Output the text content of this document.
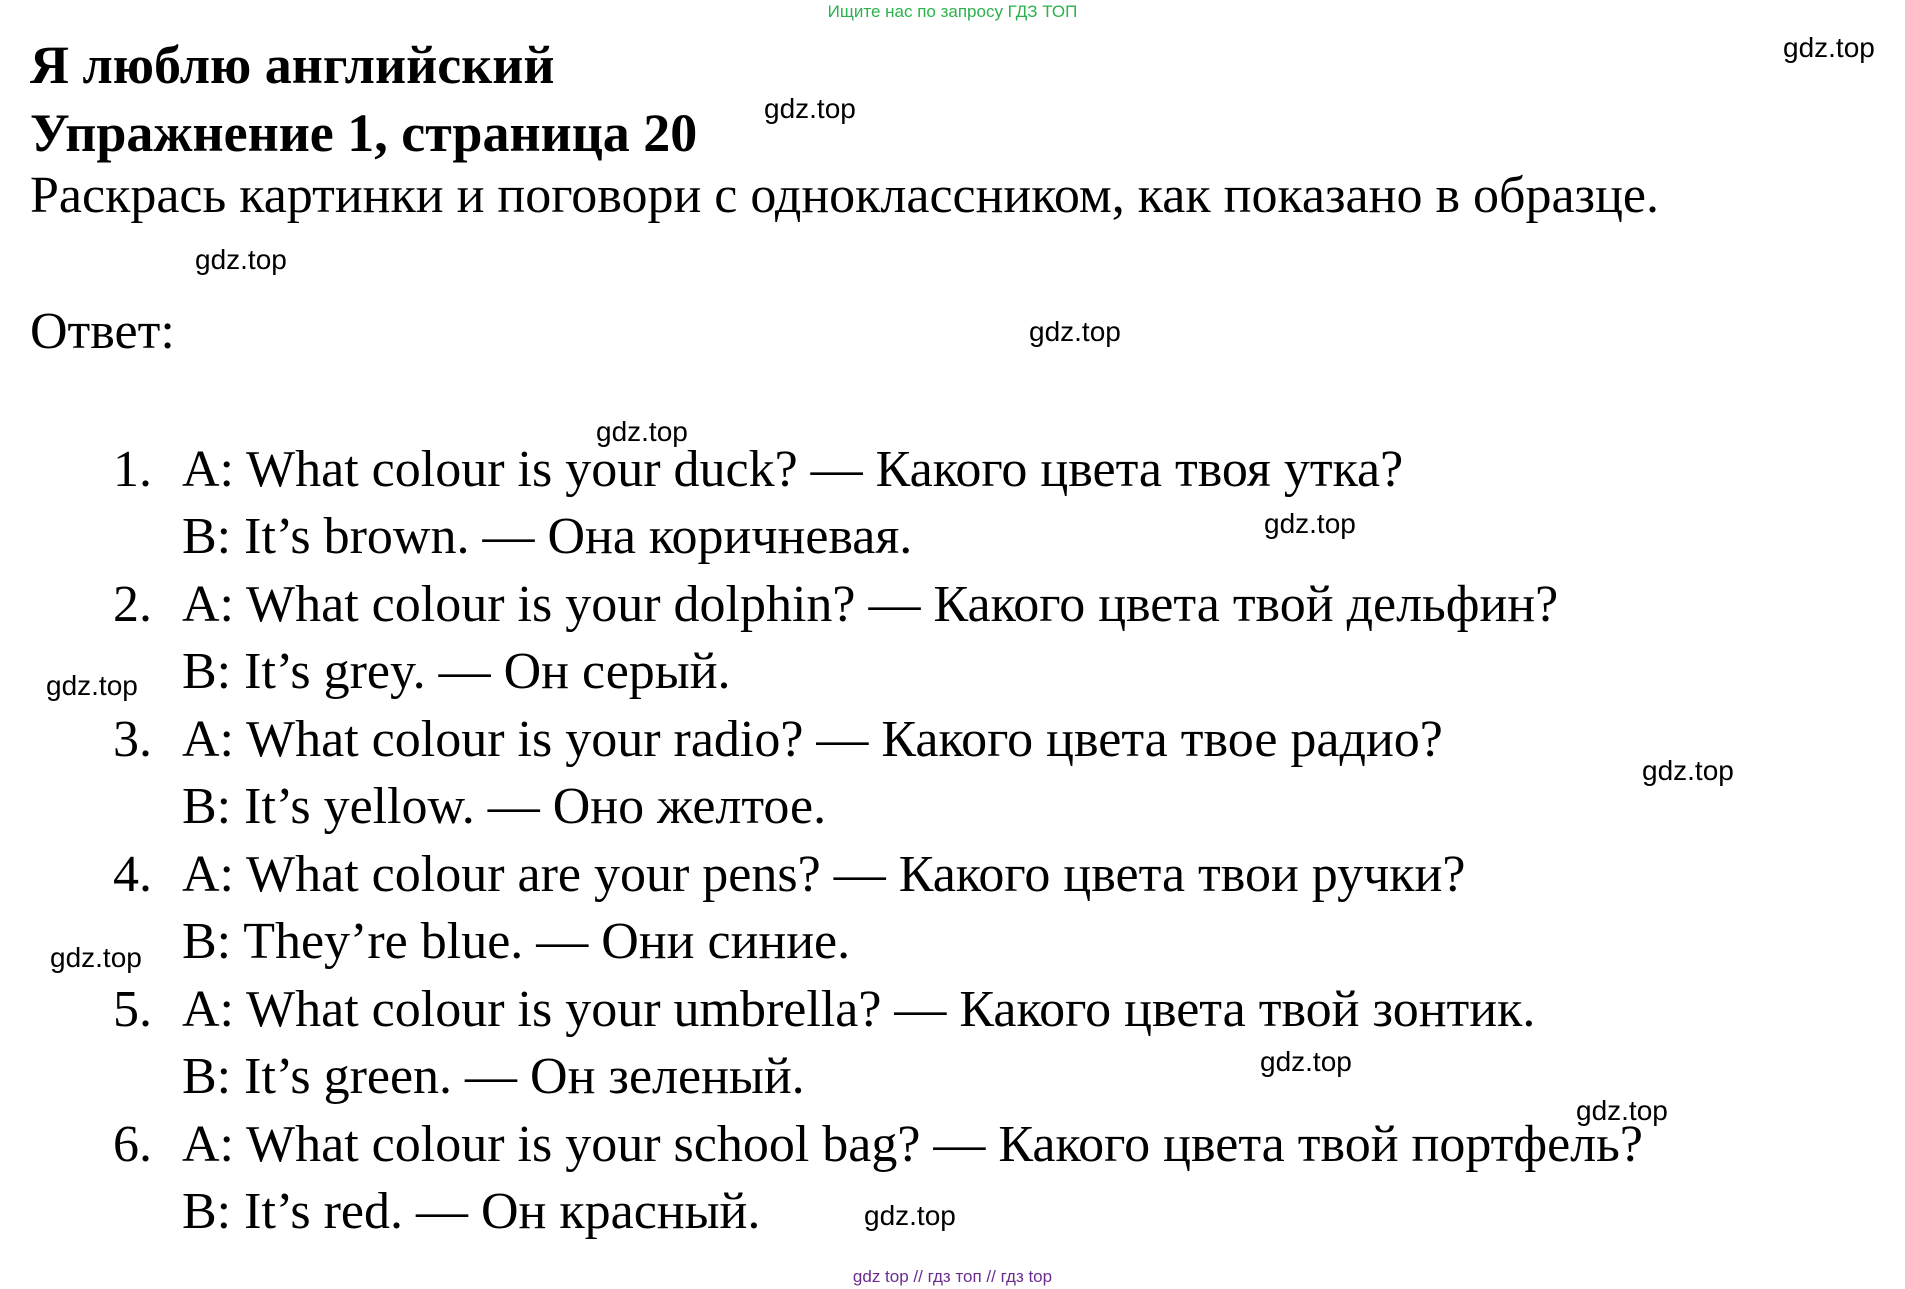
Ищите нас по запросу ГДЗ ТОП
Я люблю английский
Упражнение 1, страница 20
Раскрась картинки и поговори с одноклассником, как показано в образце.
Ответ:
1. A: What colour is your duck? — Какого цвета твоя утка?
B: It’s brown. — Она коричневая.
2. A: What colour is your dolphin? — Какого цвета твой дельфин?
B: It’s grey. — Он серый.
3. A: What colour is your radio? — Какого цвета твое радио?
B: It’s yellow. — Оно желтое.
4. A: What colour are your pens? — Какого цвета твои ручки?
B: They’re blue. — Они синие.
5. A: What colour is your umbrella? — Какого цвета твой зонтик.
B: It’s green. — Он зеленый.
6. A: What colour is your school bag? — Какого цвета твой портфель?
B: It’s red. — Он красный.
gdz.top
gdz.top
gdz.top
gdz.top
gdz.top
gdz.top
gdz.top
gdz.top
gdz.top
gdz.top
gdz.top
gdz.top
gdz top // гдз топ // гдз top
